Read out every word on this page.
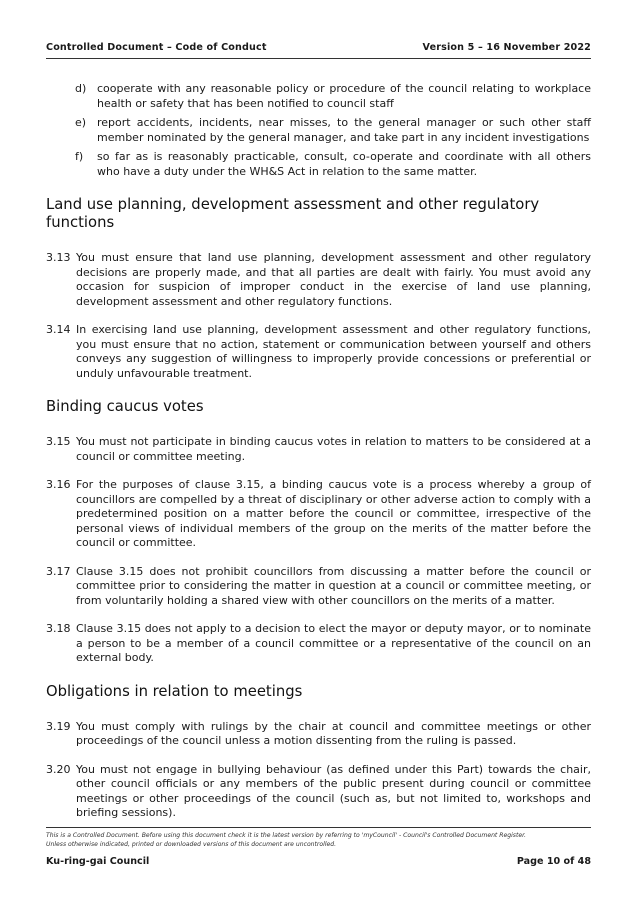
Controlled Document – Code of Conduct	Version 5 – 16 November 2022
d) cooperate with any reasonable policy or procedure of the council relating to workplace health or safety that has been notified to council staff
e) report accidents, incidents, near misses, to the general manager or such other staff member nominated by the general manager, and take part in any incident investigations
f)	so far as is reasonably practicable, consult, co-operate and coordinate with all others who have a duty under the WH&S Act in relation to the same matter.
Land use planning, development assessment and other regulatory functions
3.13 You must ensure that land use planning, development assessment and other regulatory decisions are properly made, and that all parties are dealt with fairly. You must avoid any occasion for suspicion of improper conduct in the exercise of land use planning, development assessment and other regulatory functions.
3.14 In exercising land use planning, development assessment and other regulatory functions, you must ensure that no action, statement or communication between yourself and others conveys any suggestion of willingness to improperly provide concessions or preferential or unduly unfavourable treatment.
Binding caucus votes
3.15 You must not participate in binding caucus votes in relation to matters to be considered at a council or committee meeting.
3.16 For the purposes of clause 3.15, a binding caucus vote is a process whereby a group of councillors are compelled by a threat of disciplinary or other adverse action to comply with a predetermined position on a matter before the council or committee, irrespective of the personal views of individual members of the group on the merits of the matter before the council or committee.
3.17 Clause 3.15 does not prohibit councillors from discussing a matter before the council or committee prior to considering the matter in question at a council or committee meeting, or from voluntarily holding a shared view with other councillors on the merits of a matter.
3.18 Clause 3.15 does not apply to a decision to elect the mayor or deputy mayor, or to nominate a person to be a member of a council committee or a representative of the council on an external body.
Obligations in relation to meetings
3.19 You must comply with rulings by the chair at council and committee meetings or other proceedings of the council unless a motion dissenting from the ruling is passed.
3.20 You must not engage in bullying behaviour (as defined under this Part) towards the chair, other council officials or any members of the public present during council or committee meetings or other proceedings of the council (such as, but not limited to, workshops and briefing sessions).
This is a Controlled Document. Before using this document check it is the latest version by referring to 'myCouncil' - Council's Controlled Document Register.
Unless otherwise indicated, printed or downloaded versions of this document are uncontrolled.
Ku-ring-gai Council	Page 10 of 48
